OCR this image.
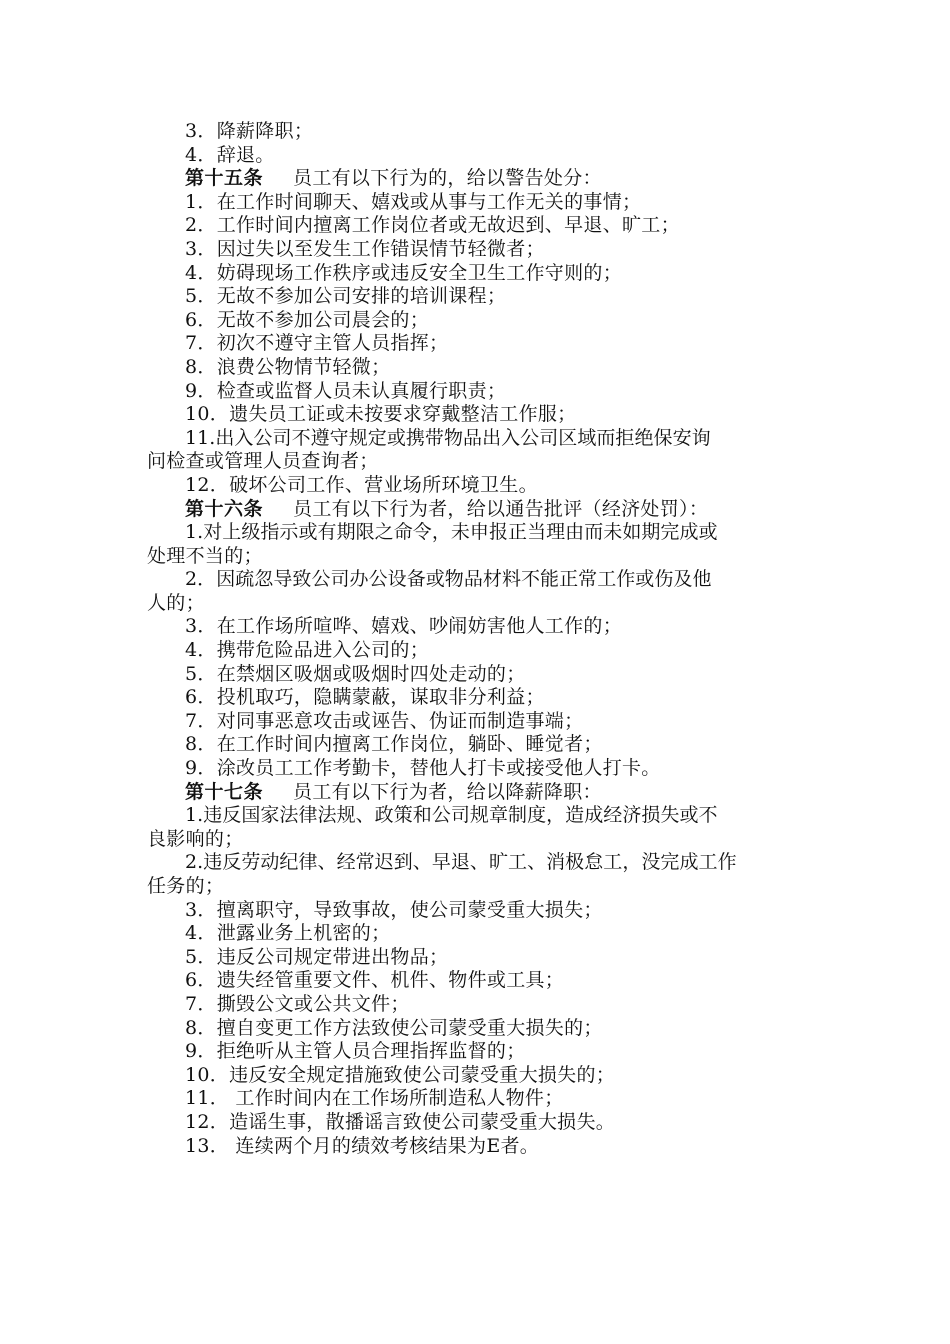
3．降薪降职；
4．辞退。
第十五条 员工有以下行为的，给以警告处分：
1．在工作时间聊天、嬉戏或从事与工作无关的事情；
2．工作时间内擅离工作岗位者或无故迟到、早退、旷工；
3．因过失以至发生工作错误情节轻微者；
4．妨碍现场工作秩序或违反安全卫生工作守则的；
5．无故不参加公司安排的培训课程；
6．无故不参加公司晨会的；
7．初次不遵守主管人员指挥；
8．浪费公物情节轻微；
9．检查或监督人员未认真履行职责；
10．遗失员工证或未按要求穿戴整洁工作服；
11.出入公司不遵守规定或携带物品出入公司区域而拒绝保安询
问检查或管理人员查询者；
12．破坏公司工作、营业场所环境卫生。
第十六条 员工有以下行为者，给以通告批评（经济处罚）：
1.对上级指示或有期限之命令，未申报正当理由而未如期完成或
处理不当的；
2．因疏忽导致公司办公设备或物品材料不能正常工作或伤及他
人的；
3．在工作场所喧哗、嬉戏、吵闹妨害他人工作的；
4．携带危险品进入公司的；
5．在禁烟区吸烟或吸烟时四处走动的；
6．投机取巧，隐瞒蒙蔽，谋取非分利益；
7．对同事恶意攻击或诬告、伪证而制造事端；
8．在工作时间内擅离工作岗位，躺卧、睡觉者；
9．涂改员工工作考勤卡，替他人打卡或接受他人打卡。
第十七条 员工有以下行为者，给以降薪降职：
1.违反国家法律法规、政策和公司规章制度，造成经济损失或不
良影响的；
2.违反劳动纪律、经常迟到、早退、旷工、消极怠工，没完成工作
任务的；
3．擅离职守，导致事故，使公司蒙受重大损失；
4．泄露业务上机密的；
5．违反公司规定带进出物品；
6．遗失经管重要文件、机件、物件或工具；
7．撕毁公文或公共文件；
8．擅自变更工作方法致使公司蒙受重大损失的；
9．拒绝听从主管人员合理指挥监督的；
10．违反安全规定措施致使公司蒙受重大损失的；
11． 工作时间内在工作场所制造私人物件；
12．造谣生事，散播谣言致使公司蒙受重大损失。
13． 连续两个月的绩效考核结果为E者。
